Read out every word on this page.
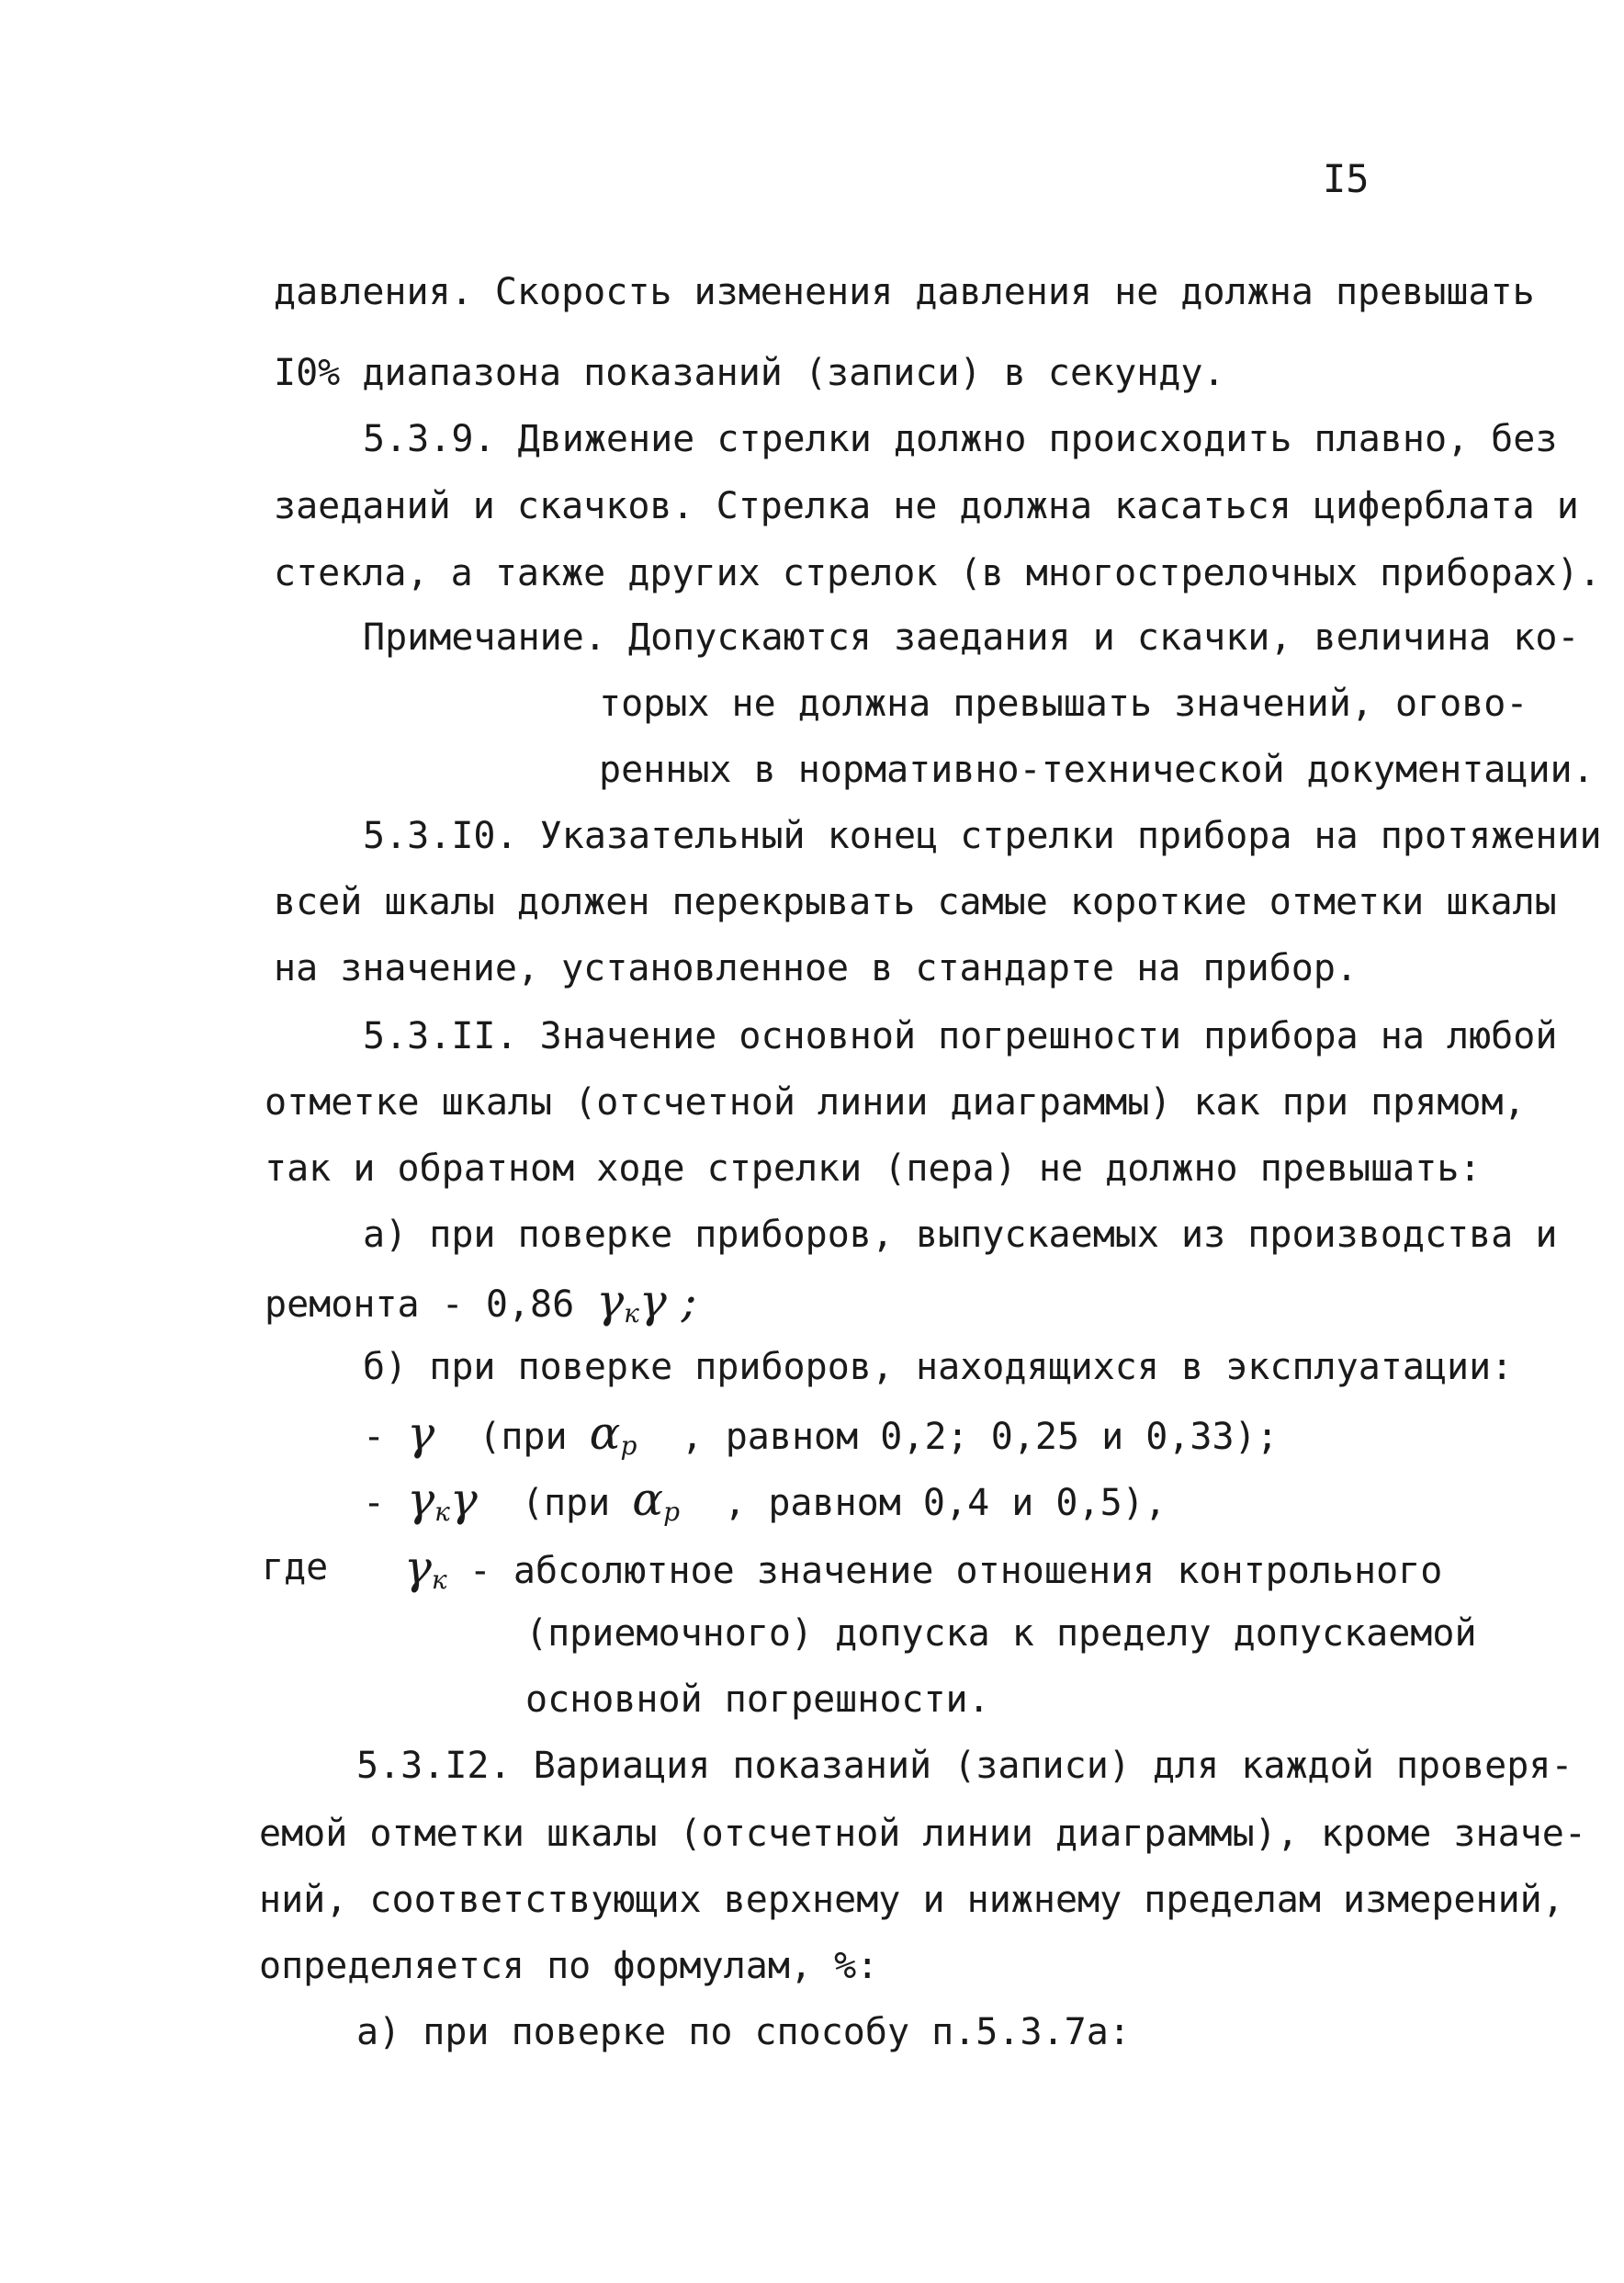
I5
давления. Скорость изменения давления не должна превышать
I0% диапазона показаний (записи) в секунду.
5.3.9. Движение стрелки должно происходить плавно, без
заеданий и скачков. Стрелка не должна касаться циферблата и
стекла, а также других стрелок (в многострелочных приборах).
Примечание. Допускаются заедания и скачки, величина ко-
торых не должна превышать значений, огово-
ренных в нормативно-технической документации.
5.3.I0. Указательный конец стрелки прибора на протяжении
всей шкалы должен перекрывать самые короткие отметки шкалы
на значение, установленное в стандарте на прибор.
5.3.II. Значение основной погрешности прибора на любой
отметке шкалы (отсчетной линии диаграммы) как при прямом,
так и обратном ходе стрелки (пера) не должно превышать:
а) при поверке приборов, выпускаемых из производства и
ремонта - 0,86 $\gamma_к\gamma$ ;
б) при поверке приборов, находящихся в эксплуатации:
- γ (при $\alpha_р$ , равном 0,2; 0,25 и 0,33);
- $\gamma_к\gamma$ (при $\alpha_р$ , равном 0,4 и 0,5),
где $\gamma_к$ - абсолютное значение отношения контрольного
(приемочного) допуска к пределу допускаемой
основной погрешности.
5.3.I2. Вариация показаний (записи) для каждой проверя-
емой отметки шкалы (отсчетной линии диаграммы), кроме значе-
ний, соответствующих верхнему и нижнему пределам измерений,
определяется по формулам, %:
а) при поверке по способу п.5.3.7а:
